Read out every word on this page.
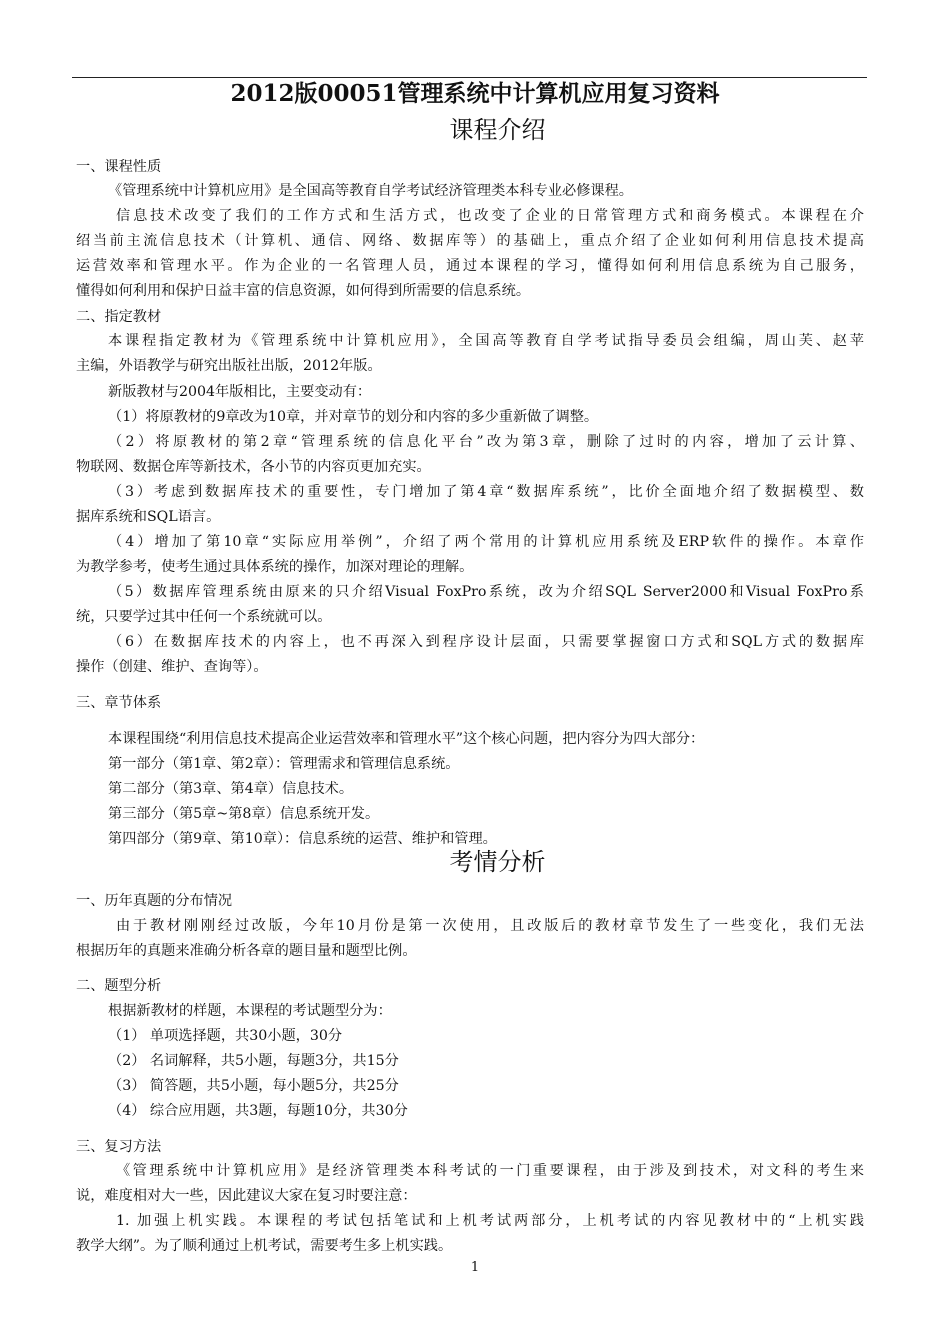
2012版00051管理系统中计算机应用复习资料
课程介绍
一、课程性质
《管理系统中计算机应用》是全国高等教育自学考试经济管理类本科专业必修课程。
信息技术改变了我们的工作方式和生活方式，也改变了企业的日常管理方式和商务模式。本课程在介
绍当前主流信息技术（计算机、通信、网络、数据库等）的基础上，重点介绍了企业如何利用信息技术提高
运营效率和管理水平。作为企业的一名管理人员，通过本课程的学习，懂得如何利用信息系统为自己服务，
懂得如何利用和保护日益丰富的信息资源，如何得到所需要的信息系统。
二、指定教材
本课程指定教材为《管理系统中计算机应用》，全国高等教育自学考试指导委员会组编，周山芙、赵苹
主编，外语教学与研究出版社出版，2012年版。
新版教材与2004年版相比，主要变动有：
（1）将原教材的9章改为10章，并对章节的划分和内容的多少重新做了调整。
（2）将原教材的第2章“管理系统的信息化平台”改为第3章，删除了过时的内容，增加了云计算、
物联网、数据仓库等新技术，各小节的内容页更加充实。
（3）考虑到数据库技术的重要性，专门增加了第4章“数据库系统”，比价全面地介绍了数据模型、数
据库系统和SQL语言。
（4）增加了第10章“实际应用举例”，介绍了两个常用的计算机应用系统及ERP软件的操作。本章作
为教学参考，使考生通过具体系统的操作，加深对理论的理解。
（5）数据库管理系统由原来的只介绍Visual FoxPro系统，改为介绍SQL Server2000和Visual FoxPro系
统，只要学过其中任何一个系统就可以。
（6）在数据库技术的内容上，也不再深入到程序设计层面，只需要掌握窗口方式和SQL方式的数据库
操作（创建、维护、查询等）。
三、章节体系
本课程围绕“利用信息技术提高企业运营效率和管理水平”这个核心问题，把内容分为四大部分：
第一部分（第1章、第2章）：管理需求和管理信息系统。
第二部分（第3章、第4章）信息技术。
第三部分（第5章~第8章）信息系统开发。
第四部分（第9章、第10章）：信息系统的运营、维护和管理。
考情分析
一、历年真题的分布情况
由于教材刚刚经过改版，今年10月份是第一次使用，且改版后的教材章节发生了一些变化，我们无法
根据历年的真题来准确分析各章的题目量和题型比例。
二、题型分析
根据新教材的样题，本课程的考试题型分为：
（1） 单项选择题，共30小题，30分
（2） 名词解释，共5小题，每题3分，共15分
（3） 简答题，共5小题，每小题5分，共25分
（4） 综合应用题，共3题，每题10分，共30分
三、复习方法
《管理系统中计算机应用》是经济管理类本科考试的一门重要课程，由于涉及到技术，对文科的考生来
说，难度相对大一些，因此建议大家在复习时要注意：
1. 加强上机实践。本课程的考试包括笔试和上机考试两部分，上机考试的内容见教材中的“上机实践
教学大纲”。为了顺利通过上机考试，需要考生多上机实践。
1
